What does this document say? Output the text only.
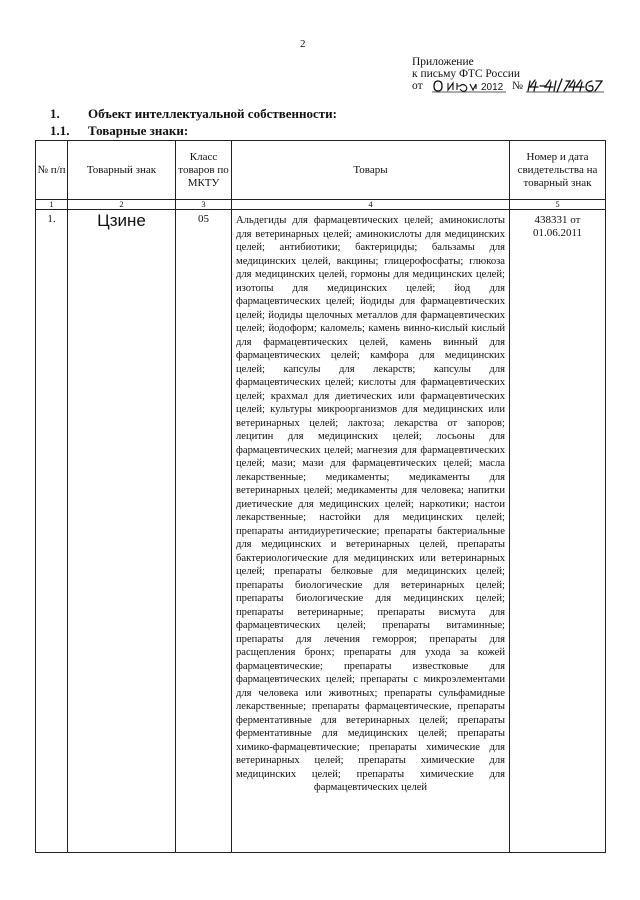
2
Приложение
к письму ФТС России
от	2012 №
1. Объект интеллектуальной собственности:
1.1. Товарные знаки:
№ п/п	Товарный знак	Класс товаров по МКТУ	Товары	Номер и дата свидетельства на товарный знак
1	2	3	4	5
1.	Цзине	05	Альдегиды для фармацевтических целей; аминокислоты для ветеринарных целей; аминокислоты для медицинских целей; антибиотики; бактерициды; бальзамы для медицинских целей, вакцины; глицерофосфаты; глюкоза для медицинских целей, гормоны для медицинских целей; изотопы для медицинских целей; йод для фармацевтических целей; йодиды для фармацевтических целей; йодиды щелочных металлов для фармацевтических целей; йодоформ; каломель; камень винно-кислый кислый для фармацевтических целей, камень винный для фармацевтических целей; камфора для медицинских целей; капсулы для лекарств; капсулы для фармацевтических целей; кислоты для фармацевтических целей; крахмал для диетических или фармацевтических целей; культуры микроорганизмов для медицинских или ветеринарных целей; лактоза; лекарства от запоров; лецитин для медицинских целей; лосьоны для фармацевтических целей; магнезия для фармацевтических целей; мази; мази для фармацевтических целей; масла лекарственные; медикаменты; медикаменты для ветеринарных целей; медикаменты для человека; напитки диетические для медицинских целей; наркотики; настои лекарственные; настойки для медицинских целей; препараты антидиуретические; препараты бактериальные для медицинских и ветеринарных целей, препараты бактериологические для медицинских или ветеринарных целей; препараты белковые для медицинских целей; препараты биологические для ветеринарных целей; препараты биологические для медицинских целей; препараты ветеринарные; препараты висмута для фармацевтических целей; препараты витаминные; препараты для лечения геморроя; препараты для расщепления бронх; препараты для ухода за кожей фармацевтические; препараты известковые для фармацевтических целей; препараты с микроэлементами для человека или животных; препараты сульфамидные лекарственные; препараты фармацевтические, препараты ферментативные для ветеринарных целей; препараты ферментативные для медицинских целей; препараты химико-фармацевтические; препараты химические для ветеринарных целей; препараты химические для медицинских целей; препараты химические для фармацевтических целей	438331 от
01.06.2011
